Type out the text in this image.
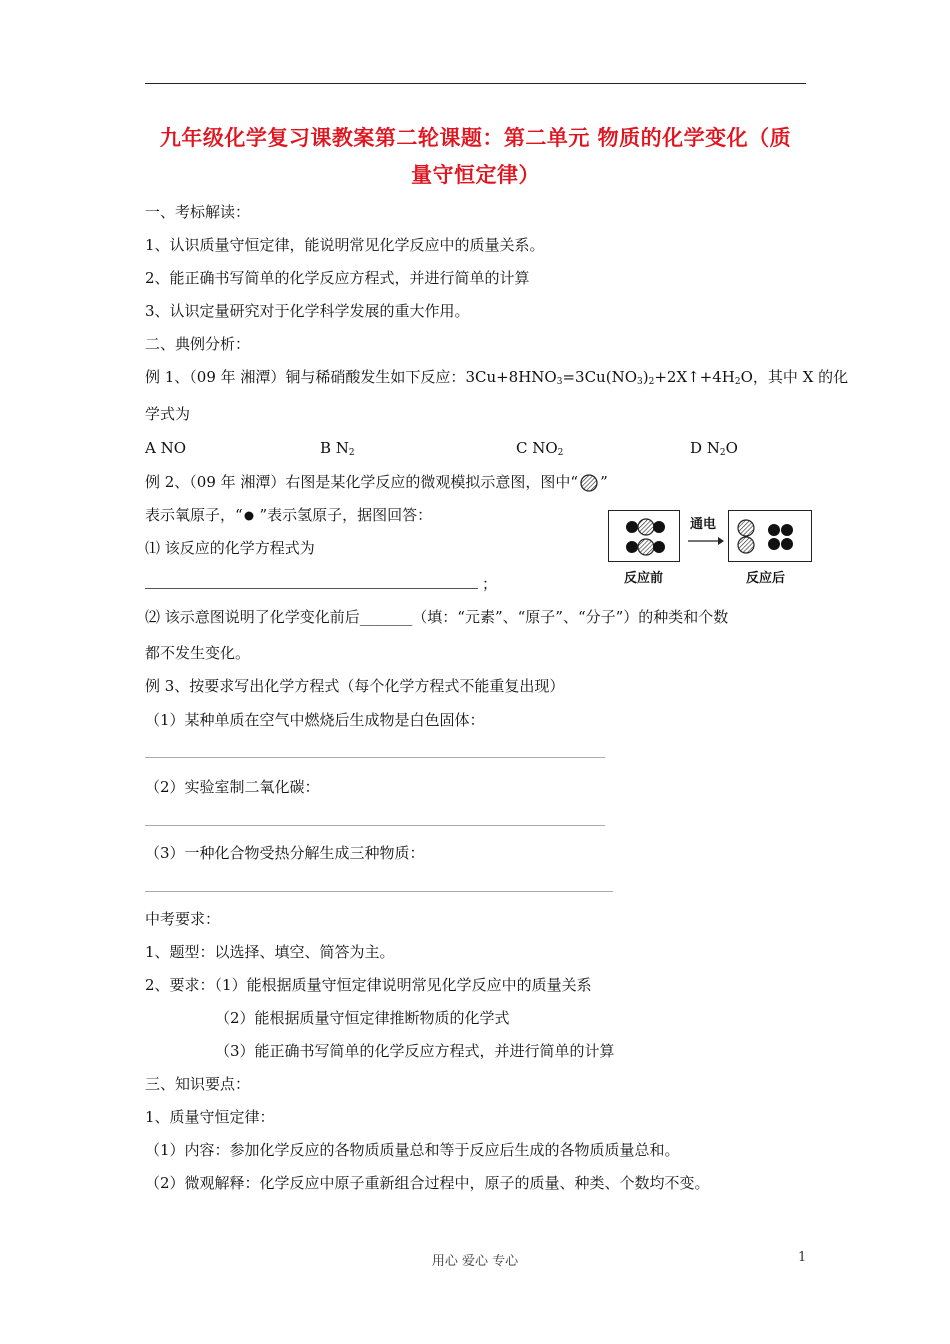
九年级化学复习课教案第二轮课题：第二单元 物质的化学变化（质
量守恒定律）
一、考标解读：
1、认识质量守恒定律，能说明常见化学反应中的质量关系。
2、能正确书写简单的化学反应方程式，并进行简单的计算
3、认识定量研究对于化学科学发展的重大作用。
二、典例分析：
例 1、（09 年 湘潭）铜与稀硝酸发生如下反应：$3Cu+8HNO_3=3Cu(NO_3)_2+2X↑+4H_2O$，其中 X 的化
学式为
A NO	B $N_2$	C $NO_2$	D $N_2O$
例 2、（09 年 湘潭）右图是某化学反应的微观模拟示意图，图中“ ”
表示氧原子，“ ”表示氢原子，据图回答：
⑴ 该反应的化学方程式为
；
⑵ 该示意图说明了化学变化前后_______（填：“元素”、“原子”、“分子”）的种类和个数
都不发生变化。
通电
反应前	反应后
例 3、按要求写出化学方程式（每个化学方程式不能重复出现）
（1）某种单质在空气中燃烧后生成物是白色固体：
（2）实验室制二氧化碳：
（3）一种化合物受热分解生成三种物质：
中考要求：
1、题型：以选择、填空、简答为主。
2、要求：（1）能根据质量守恒定律说明常见化学反应中的质量关系
（2）能根据质量守恒定律推断物质的化学式
（3）能正确书写简单的化学反应方程式，并进行简单的计算
三、知识要点：
1、质量守恒定律：
（1）内容：参加化学反应的各物质质量总和等于反应后生成的各物质质量总和。
（2）微观解释：化学反应中原子重新组合过程中，原子的质量、种类、个数均不变。
用心 爱心 专心	1
